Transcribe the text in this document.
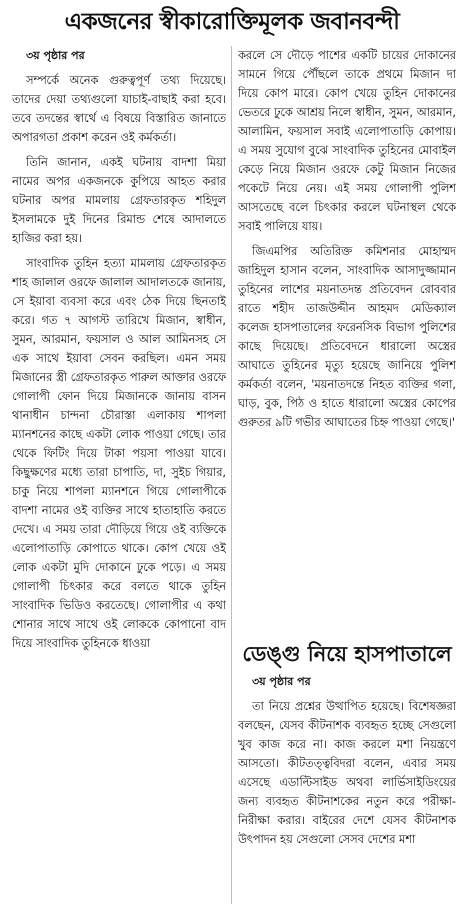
একজনের স্বীকারোক্তিমূলক জবানবন্দী

৩য় পৃষ্ঠার পর

সম্পর্কে অনেক গুরুত্বপূর্ণ তথ্য দিয়েছে। তাদের দেয়া তথ্যগুলো যাচাই-বাছাই করা হবে। তবে তদন্তের স্বার্থে এ বিষয়ে বিস্তারিত জানাতে অপারগতা প্রকাশ করেন ওই কর্মকর্তা।

তিনি জানান, একই ঘটনায় বাদশা মিয়া নামের অপর একজনকে কুপিয়ে আহত করার ঘটনার অপর মামলায় গ্রেফতারকৃত শহিদুল ইসলামকে দুই দিনের রিমান্ড শেষে আদালতে হাজির করা হয়।

সাংবাদিক তুহিন হত্যা মামলায় গ্রেফতারকৃত শাহ জালাল ওরফে জালাল আদালতকে জানায়, সে ইয়াবা ব্যবসা করে এবং ঠেক দিয়ে ছিনতাই করে। গত ৭ আগস্ট তারিখে মিজান, স্বাধীন, সুমন, আরমান, ফয়সাল ও আল আমিনসহ সে এক সাথে ইয়াবা সেবন করছিল। এমন সময় মিজানের স্ত্রী গ্রেফতারকৃত পারুল আক্তার ওরফে গোলাপী ফোন দিয়ে মিজানকে জানায় বাসন থানাধীন চান্দনা চৌরাস্তা এলাকায় শাপলা ম্যানশনের কাছে একটা লোক পাওয়া গেছে। তার থেকে ফিটিং দিয়ে টাকা পয়সা পাওয়া যাবে। কিছুক্ষণের মধ্যে তারা চাপাতি, দা, সুইচ গিয়ার, চাকু নিয়ে শাপলা ম্যানশনে গিয়ে গোলাপীকে বাদশা নামের ওই ব্যক্তির সাথে হাতাহাতি করতে দেখে। এ সময় তারা দৌড়িয়ে গিয়ে ওই ব্যক্তিকে এলোপাতাড়ি কোপাতে থাকে। কোপ খেয়ে ওই লোক একটা মুদি দোকানে ঢুকে পড়ে। এ সময় গোলাপী চিৎকার করে বলতে থাকে তুহিন সাংবাদিক ভিডিও করতেছে। গোলাপীর এ কথা শোনার সাথে সাথে ওই লোককে কোপানো বাদ দিয়ে সাংবাদিক তুহিনকে ধাওয়া

করলে সে দৌড়ে পাশের একটি চায়ের দোকানের সামনে গিয়ে পৌঁছলে তাকে প্রথমে মিজান দা দিয়ে কোপ মারে। কোপ খেয়ে তুহিন দোকানের ভেতরে ঢুকে আশ্রয় নিলে স্বাধীন, সুমন, আরমান, আলামিন, ফয়সাল সবাই এলোপাতাড়ি কোপায়। এ সময় সুযোগ বুঝে সাংবাদিক তুহিনের মোবাইল কেড়ে নিয়ে মিজান ওরফে কেটু মিজান নিজের পকেটে নিয়ে নেয়। এই সময় গোলাপী পুলিশ আসতেছে বলে চিৎকার করলে ঘটনাস্থল থেকে সবাই পালিয়ে যায়।

জিএমপির অতিরিক্ত কমিশনার মোহাম্মদ জাহিদুল হাসান বলেন, সাংবাদিক আসাদুজ্জামান তুহিনের লাশের ময়নাতদন্ত প্রতিবেদন রোববার রাতে শহীদ তাজউদ্দীন আহমদ মেডিক্যাল কলেজ হাসপাতালের ফরেনসিক বিভাগ পুলিশের কাছে দিয়েছে। প্রতিবেদনে ধারালো অস্ত্রের আঘাতে তুহিনের মৃত্যু হয়েছে জানিয়ে পুলিশ কর্মকর্তা বলেন, 'ময়নাতদন্তে নিহত ব্যক্তির গলা, ঘাড়, বুক, পিঠ ও হাতে ধারালো অস্ত্রের কোপের গুরুতর ৯টি গভীর আঘাতের চিহ্ন পাওয়া গেছে।'

ডেঙ্গু নিয়ে হাসপাতালে

৩য় পৃষ্ঠার পর

তা নিয়ে প্রশ্নের উত্থাপিত হয়েছে। বিশেষজ্ঞরা বলছেন, যেসব কীটনাশক ব্যবহৃত হচ্ছে সেগুলো খুব কাজ করে না। কাজ করলে মশা নিয়ন্ত্রণে আসতো। কীটতত্ত্ববিদরা বলেন, এবার সময় এসেছে এডাল্টিসাইড অথবা লার্ভিসাইডিংয়ের জন্য ব্যবহৃত কীটনাশকের নতুন করে পরীক্ষা-নিরীক্ষা করার। বাইরের দেশে যেসব কীটনাশক উৎপাদন হয় সেগুলো সেসব দেশের মশা
